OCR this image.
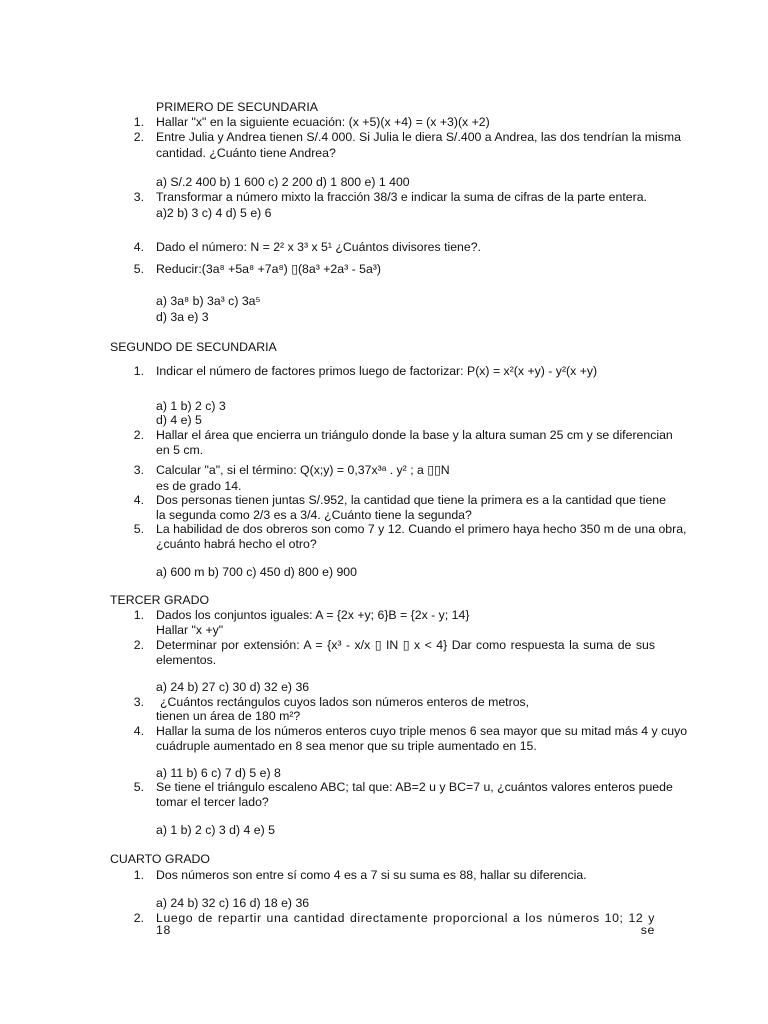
PRIMERO DE SECUNDARIA
1. Hallar "x" en la siguiente ecuación: (x +5)(x +4) = (x +3)(x +2)
2. Entre Julia y Andrea tienen S/.4 000. Si Julia le diera S/.400 a Andrea, las dos tendrían la misma
cantidad. ¿Cuánto tiene Andrea?
a) S/.2 400 b) 1 600 c) 2 200 d) 1 800 e) 1 400
3. Transformar a número mixto la fracción 38/3 e indicar la suma de cifras de la parte entera.
a)2 b) 3 c) 4 d) 5 e) 6
4. Dado el número: N = 2² x 3³ x 5¹ ¿Cuántos divisores tiene?.
5. Reducir:(3a⁸ +5a⁸ +7a⁸) ▯(8a³ +2a³ - 5a³)
a) 3a⁸ b) 3a³ c) 3a⁵
d) 3a e) 3
SEGUNDO DE SECUNDARIA
1. Indicar el número de factores primos luego de factorizar: P(x) = x²(x +y) - y²(x +y)
a) 1 b) 2 c) 3
d) 4 e) 5
2. Hallar el área que encierra un triángulo donde la base y la altura suman 25 cm y se diferencian
en 5 cm.
3. Calcular "a", si el término: Q(x;y) = 0,37x³ᵃ . y² ; a ▯▯N
es de grado 14.
4. Dos personas tienen juntas S/.952, la cantidad que tiene la primera es a la cantidad que tiene
la segunda como 2/3 es a 3/4. ¿Cuánto tiene la segunda?
5. La habilidad de dos obreros son como 7 y 12. Cuando el primero haya hecho 350 m de una obra,
¿cuánto habrá hecho el otro?
a) 600 m b) 700 c) 450 d) 800 e) 900
TERCER GRADO
1. Dados los conjuntos iguales: A = {2x +y; 6}B = {2x - y; 14}
Hallar "x +y"
2. Determinar por extensión: A = {x³ - x/x ▯ IN ▯ x < 4} Dar como respuesta la suma de sus
elementos.
a) 24 b) 27 c) 30 d) 32 e) 36
3. ¿Cuántos rectángulos cuyos lados son números enteros de metros,
tienen un área de 180 m²?
4. Hallar la suma de los números enteros cuyo triple menos 6 sea mayor que su mitad más 4 y cuyo
cuádruple aumentado en 8 sea menor que su triple aumentado en 15.
a) 11 b) 6 c) 7 d) 5 e) 8
5. Se tiene el triángulo escaleno ABC; tal que: AB=2 u y BC=7 u, ¿cuántos valores enteros puede
tomar el tercer lado?
a) 1 b) 2 c) 3 d) 4 e) 5
CUARTO GRADO
1. Dos números son entre sí como 4 es a 7 si su suma es 88, hallar su diferencia.
a) 24 b) 32 c) 16 d) 18 e) 36
2. Luego de repartir una cantidad directamente proporcional a los números 10; 12 y 18 se
